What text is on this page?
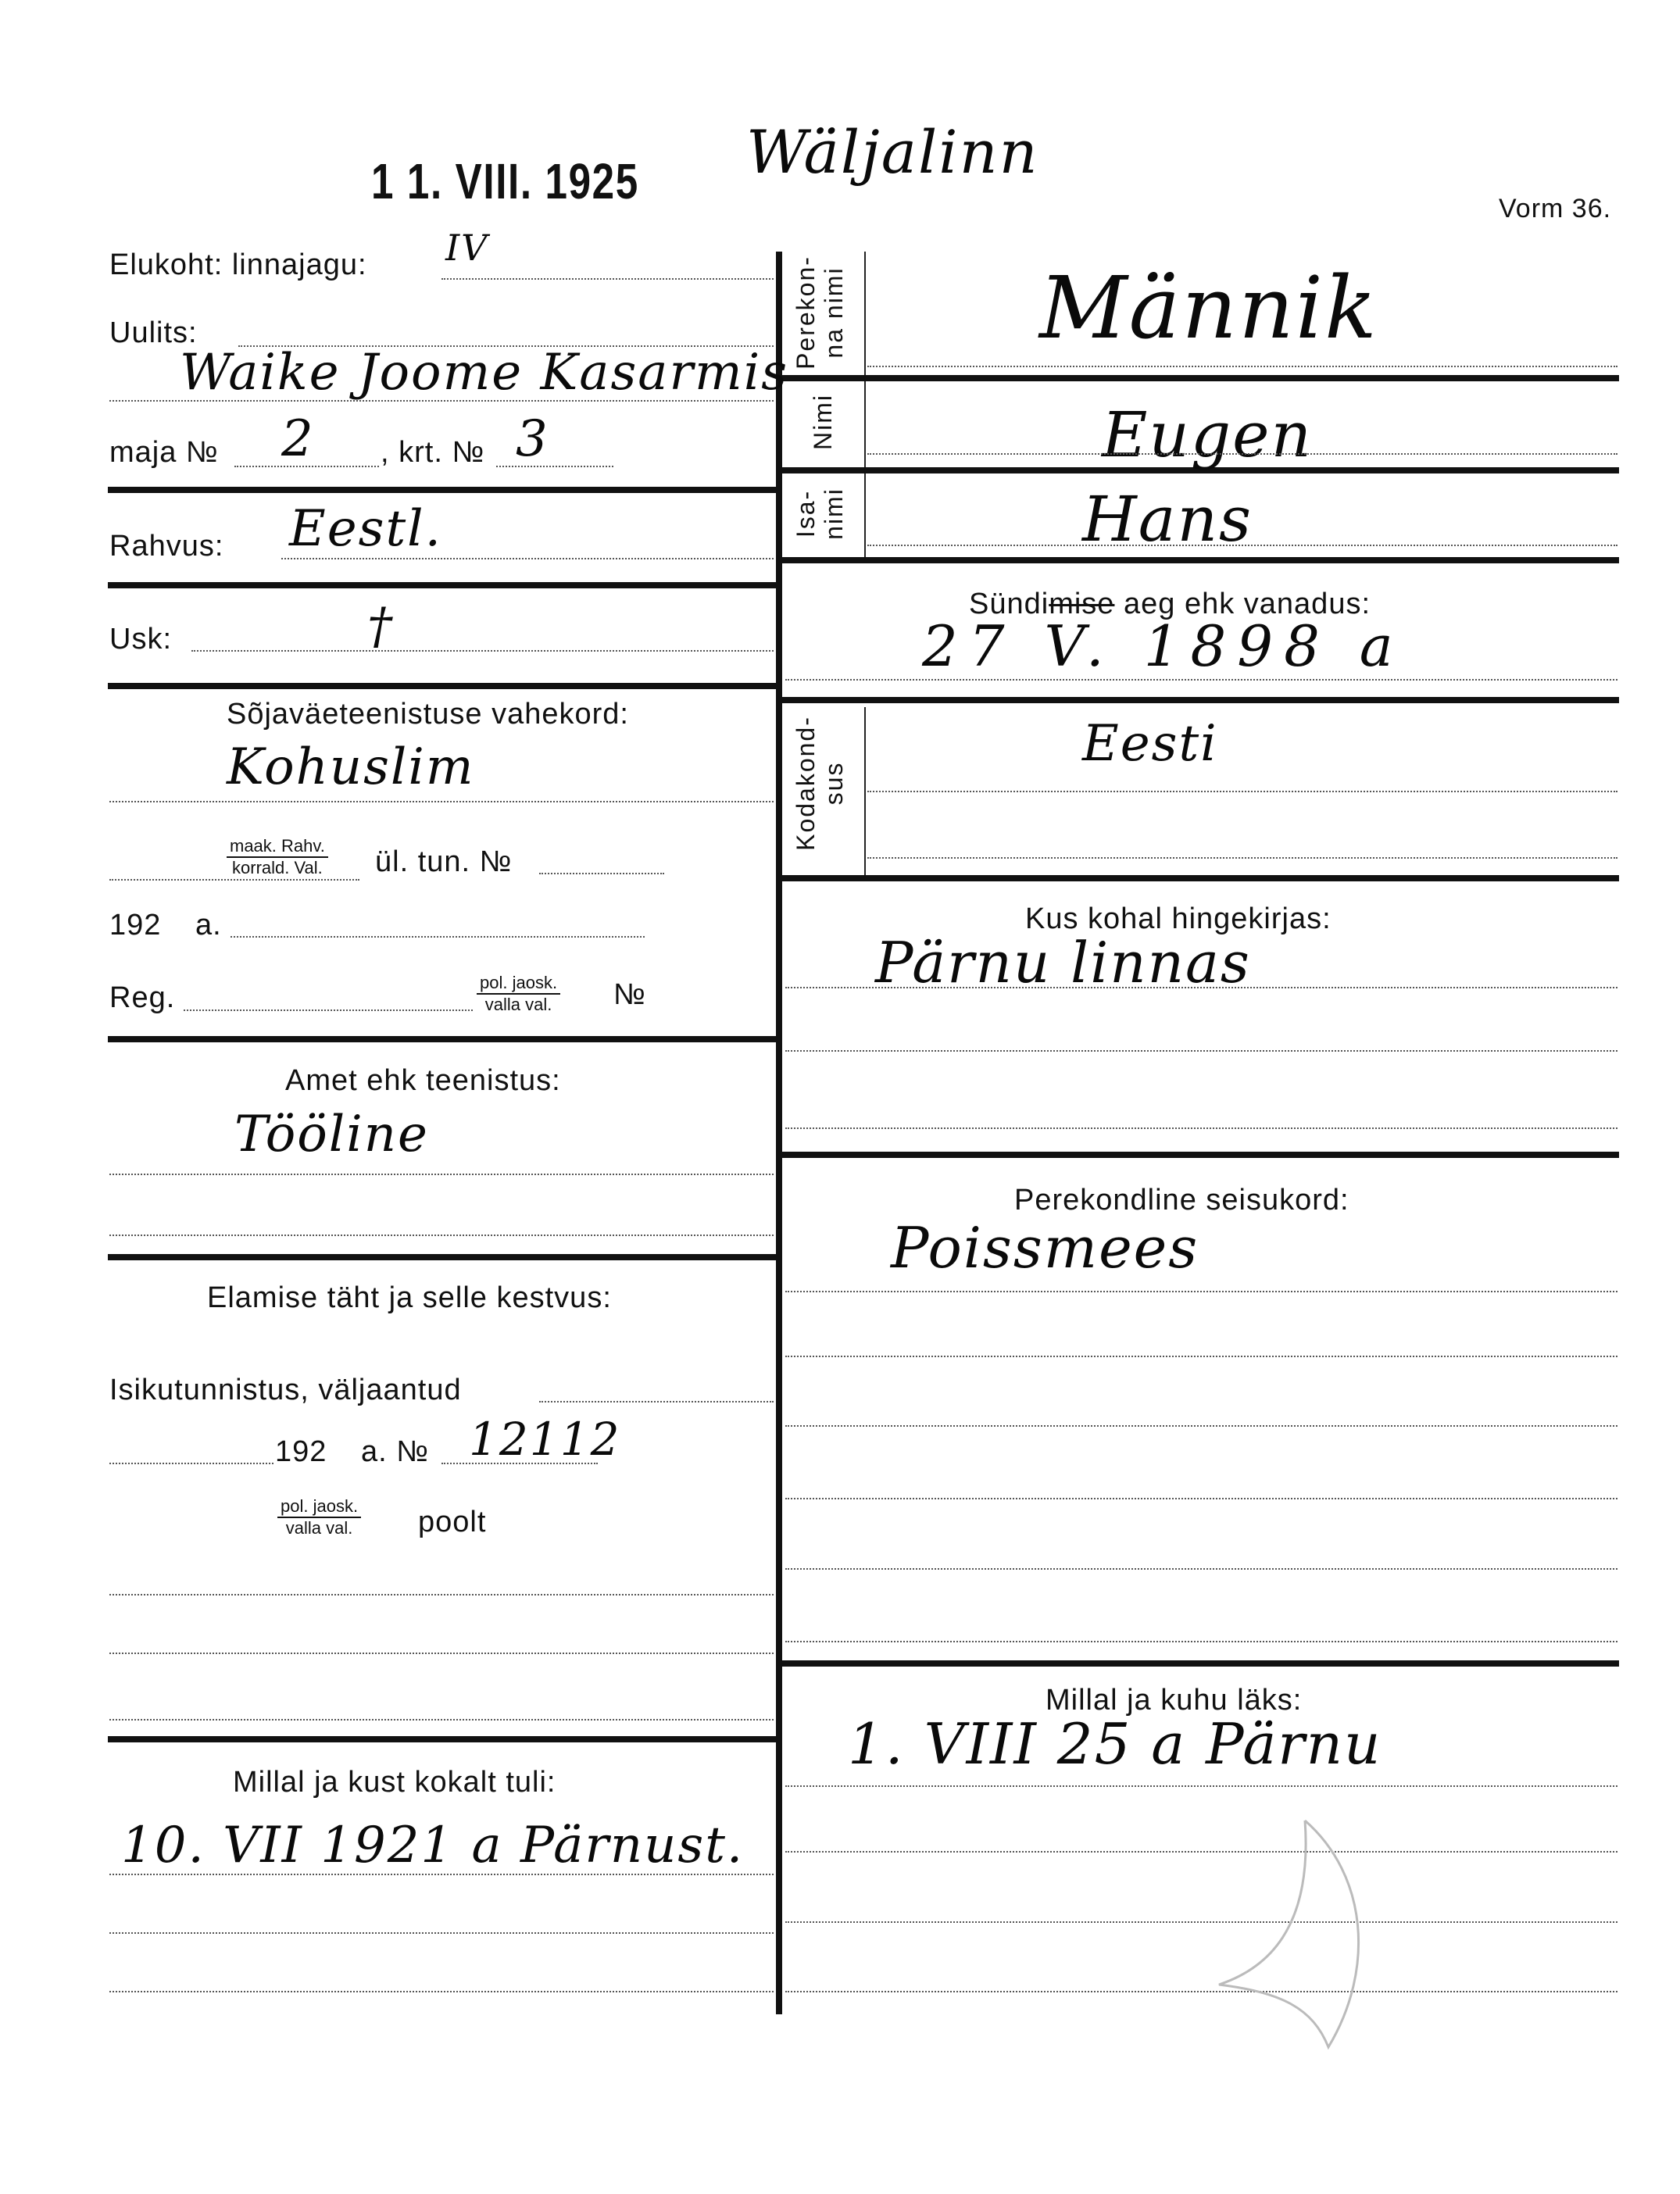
1 1. VIII. 1925 Wäljalinn
Vorm 36.
Elukoht: linnajagu: IV
Uulits:
Waike Joome Kasarmis
maja № 2 , krt. № 3
Rahvus: Eestl.
Usk:	†
Sõjaväeteenistuse vahekord:
Kohuslim
maak. Rahv.
korrald. Val. ül. tun. №
192 a.
Reg.	pol. jaosk.
valla val. №
Amet ehk teenistus:
Tööline
Elamise täht ja selle kestvus:
Isikutunnistus, väljaantud
192 a. № 12112
pol. jaosk.
valla val. poolt
Millal ja kust kokalt tuli:
10. VII 1921 a Pärnust.
Perekon- na nimi Männik
Nimi	Eugen
Isa- nimi	Hans
Sündimise aeg ehk vanadus:
27 V. 1898 a
Kodakond- sus
Eesti
Kus kohal hingekirjas:
Pärnu linnas
Perekondline seisukord:
Poissmees
Millal ja kuhu läks:
1. VIII 25 a Pärnu
